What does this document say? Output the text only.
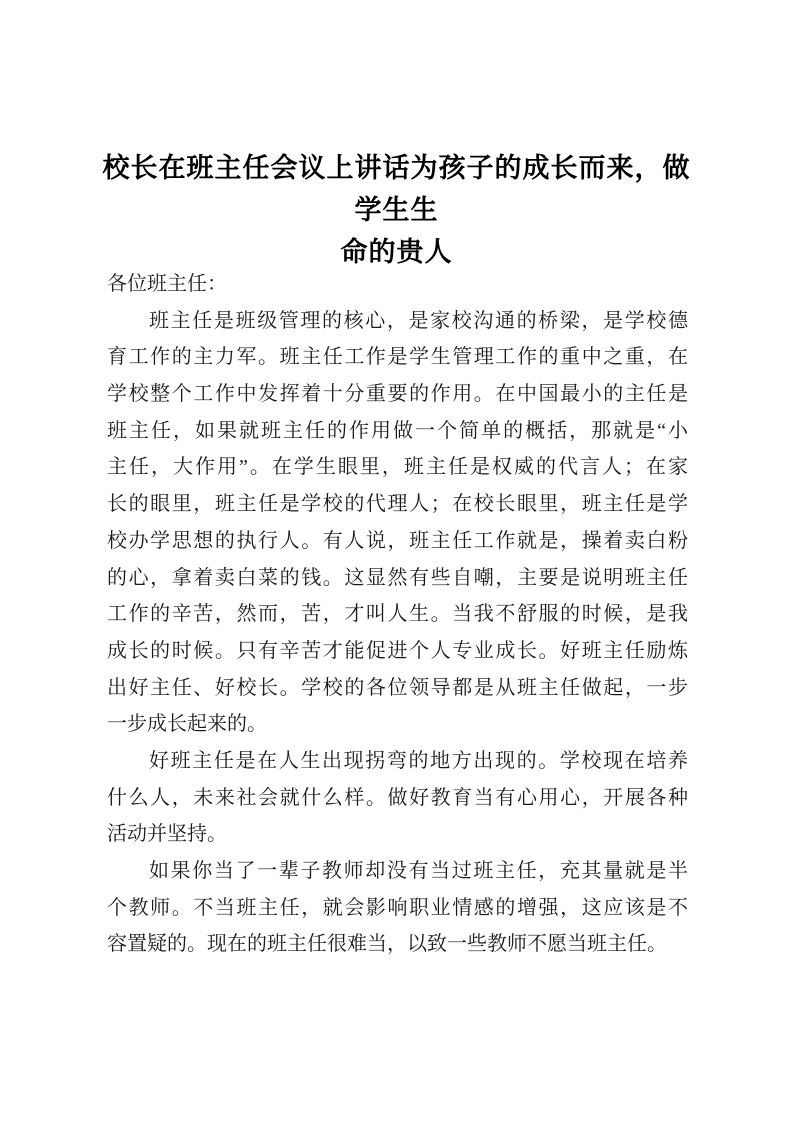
校长在班主任会议上讲话为孩子的成长而来，做学生生
命的贵人
各位班主任：
班主任是班级管理的核心，是家校沟通的桥梁，是学校德
育工作的主力军。班主任工作是学生管理工作的重中之重，在
学校整个工作中发挥着十分重要的作用。在中国最小的主任是
班主任，如果就班主任的作用做一个简单的概括，那就是“小
主任，大作用”。在学生眼里，班主任是权威的代言人；在家
长的眼里，班主任是学校的代理人；在校长眼里，班主任是学
校办学思想的执行人。有人说，班主任工作就是，操着卖白粉
的心，拿着卖白菜的钱。这显然有些自嘲，主要是说明班主任
工作的辛苦，然而，苦，才叫人生。当我不舒服的时候，是我
成长的时候。只有辛苦才能促进个人专业成长。好班主任励炼
出好主任、好校长。学校的各位领导都是从班主任做起，一步
一步成长起来的。
好班主任是在人生出现拐弯的地方出现的。学校现在培养
什么人，未来社会就什么样。做好教育当有心用心，开展各种
活动并坚持。
如果你当了一辈子教师却没有当过班主任，充其量就是半
个教师。不当班主任，就会影响职业情感的增强，这应该是不
容置疑的。现在的班主任很难当，以致一些教师不愿当班主任。
